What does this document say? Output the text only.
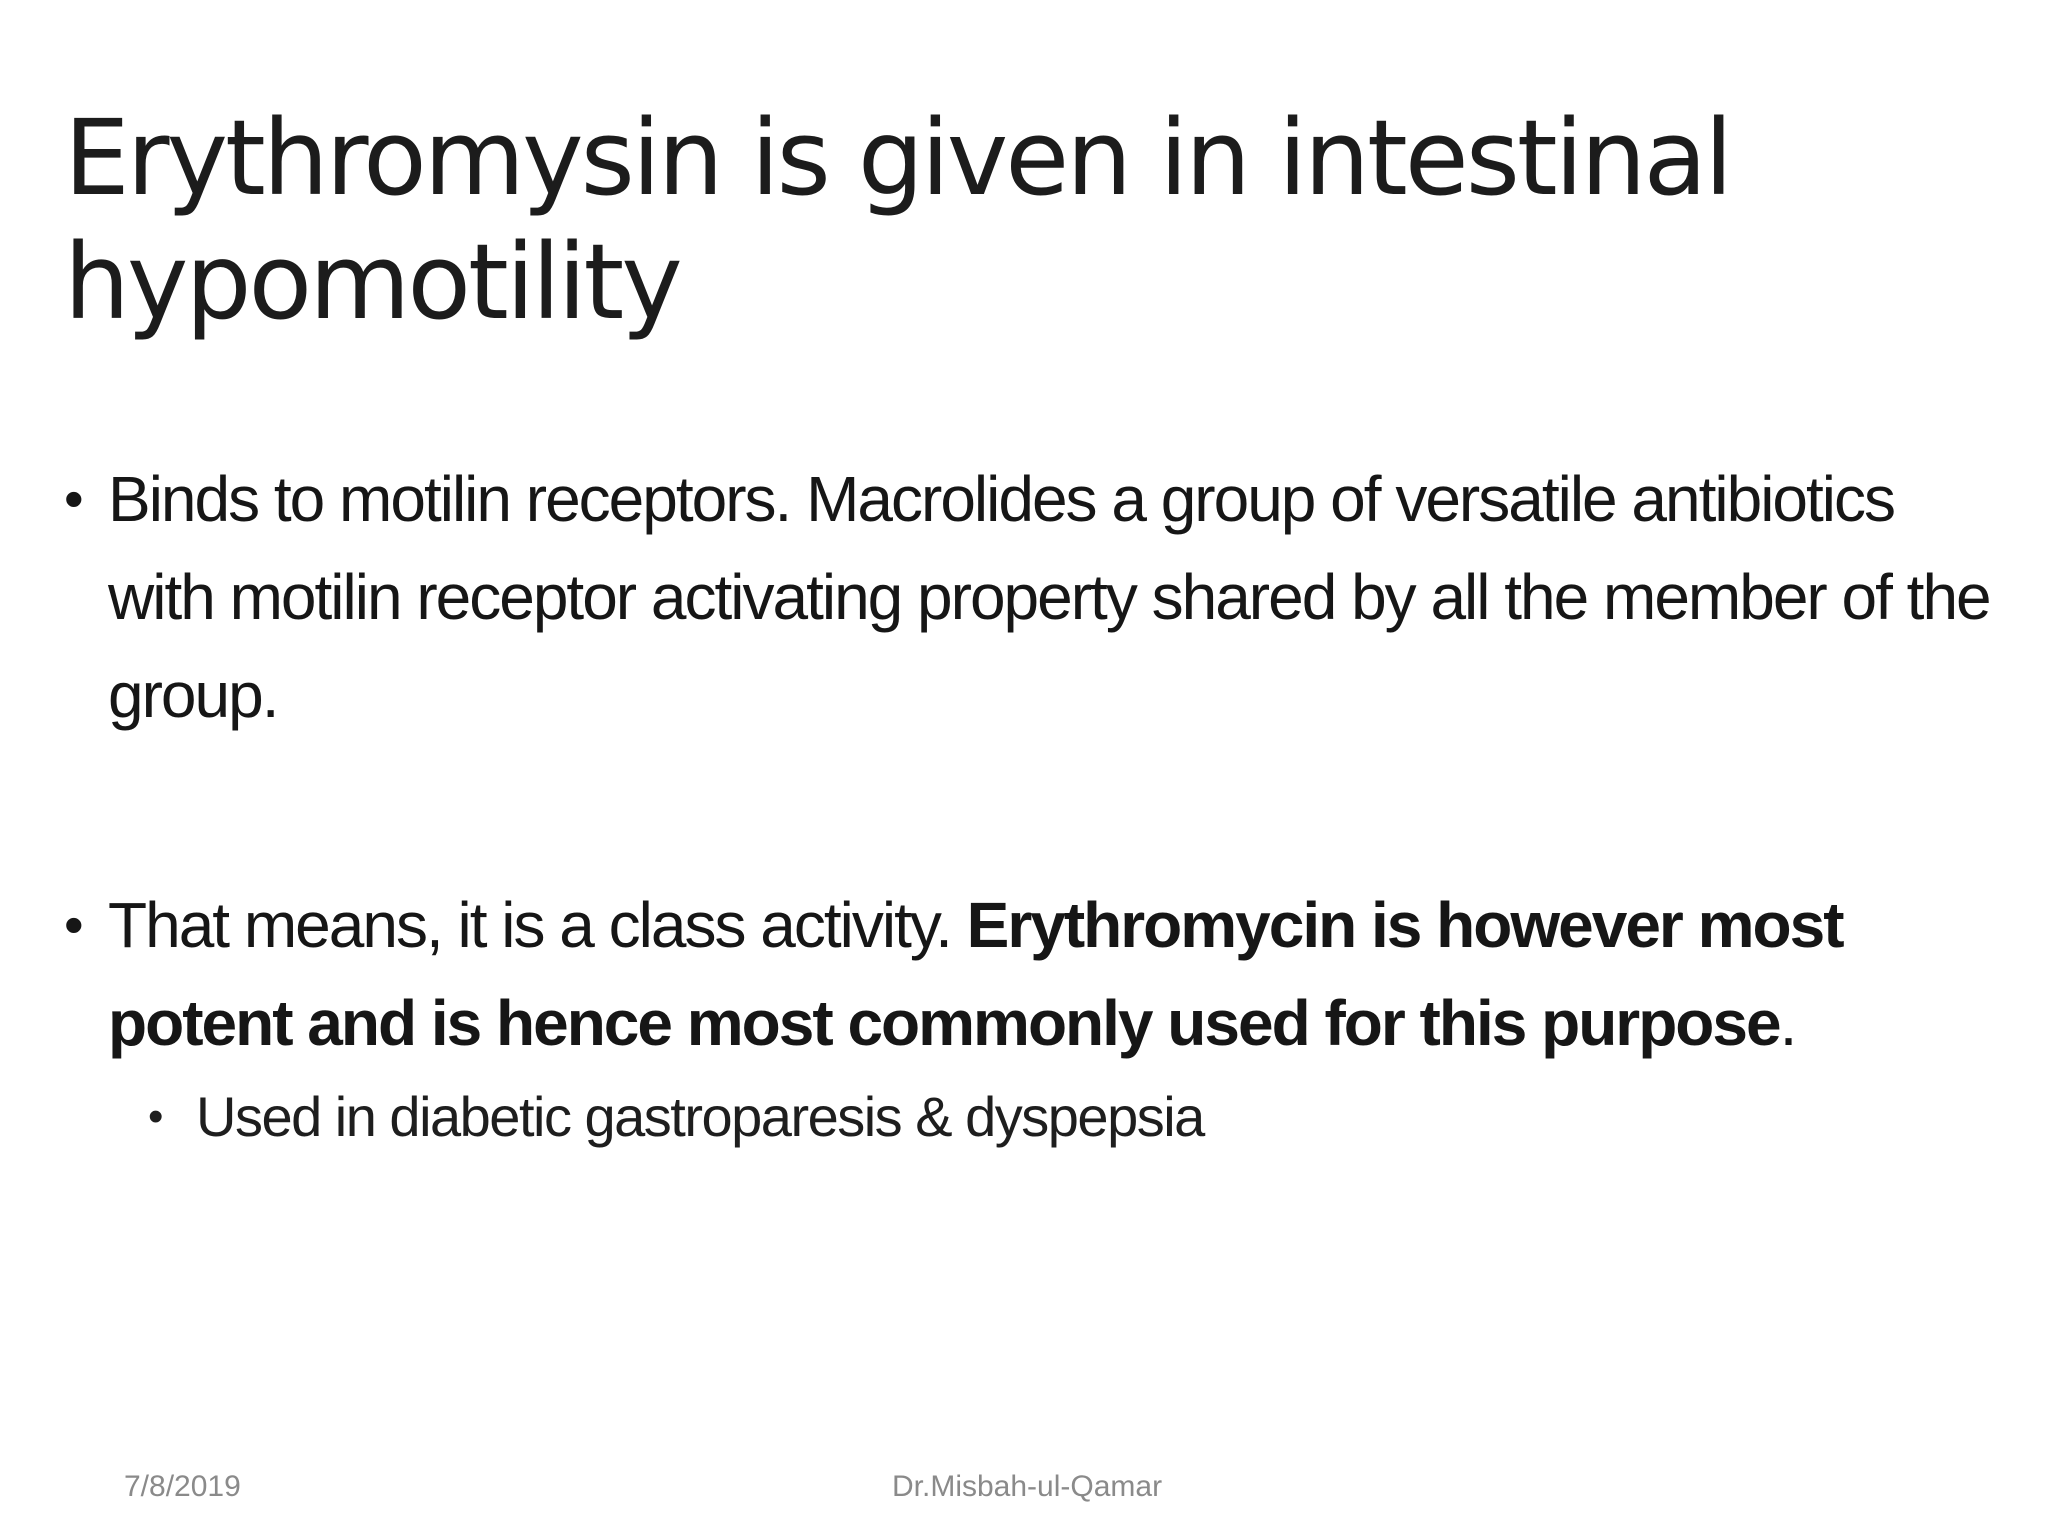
Erythromysin is given in intestinal hypomotility
• Binds to motilin receptors. Macrolides a group of versatile antibiotics with motilin receptor activating property shared by all the member of the group.
• That means, it is a class activity. Erythromycin is however most potent and is hence most commonly used for this purpose.
• Used in diabetic gastroparesis & dyspepsia
7/8/2019	Dr.Misbah-ul-Qamar
